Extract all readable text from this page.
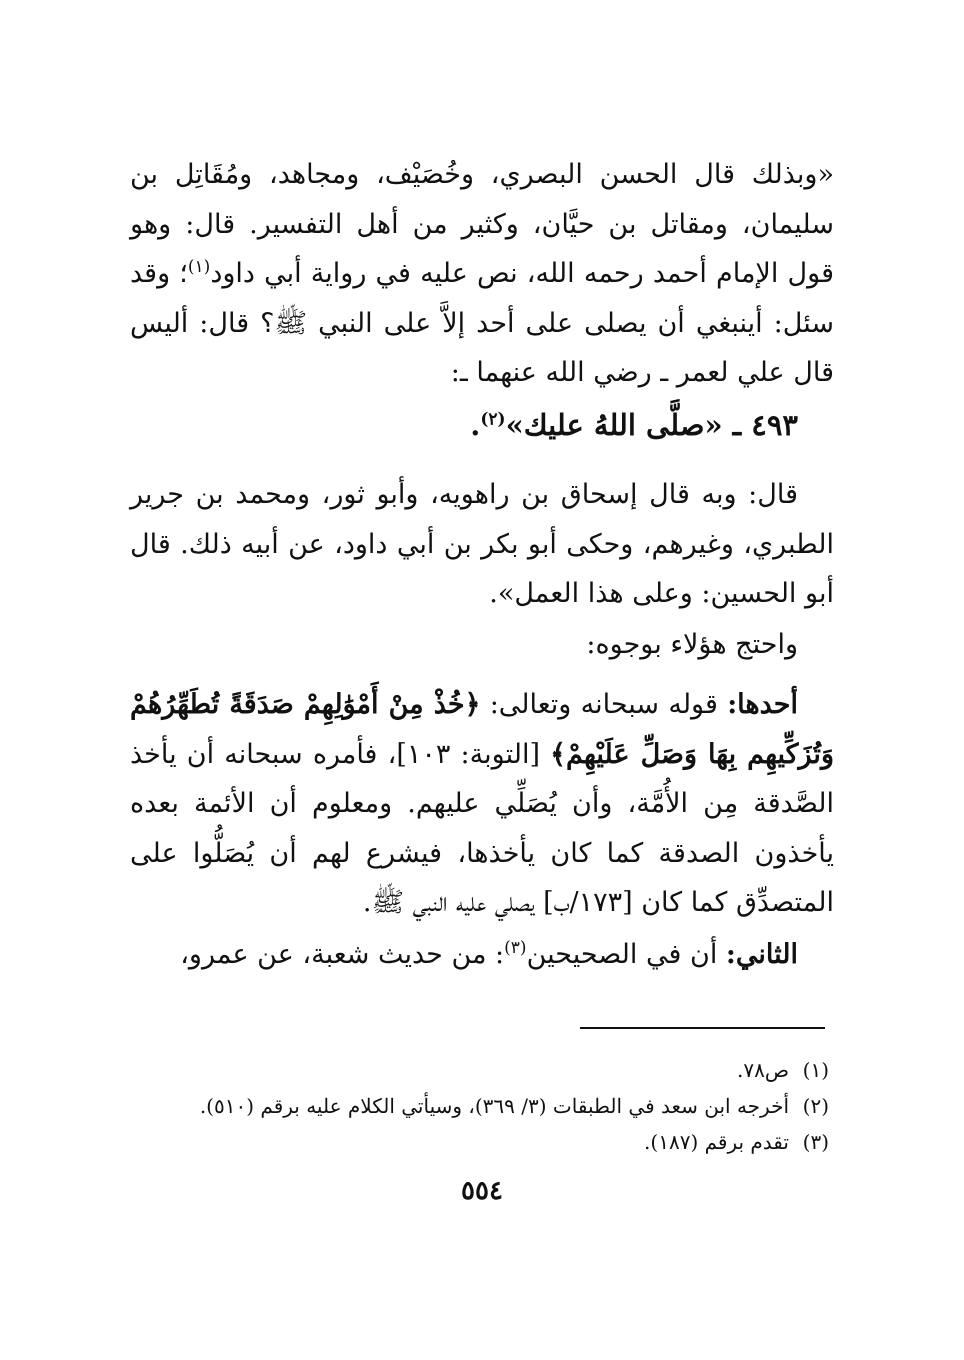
«وبذلك قال الحسن البصري، وخُصَيْف، ومجاهد، ومُقَاتِل بن سليمان، ومقاتل بن حيَّان، وكثير من أهل التفسير. قال: وهو قول الإمام أحمد رحمه الله، نص عليه في رواية أبي داود$^{(١)}$؛ وقد سئل: أينبغي أن يصلى على أحد إلاَّ على النبي ﷺ؟ قال: أليس قال علي لعمر ـ رضي الله عنهما ـ:

٤٩٣ ـ «صلَّى اللهُ عليك»$^{(٢)}$.

قال: وبه قال إسحاق بن راهويه، وأبو ثور، ومحمد بن جرير الطبري، وغيرهم، وحكى أبو بكر بن أبي داود، عن أبيه ذلك. قال أبو الحسين: وعلى هذا العمل».

واحتج هؤلاء بوجوه:

أحدها: قوله سبحانه وتعالى: ﴿خُذْ مِنْ أَمْوَٰلِهِمْ صَدَقَةً تُطَهِّرُهُمْ وَتُزَكِّيهِم بِهَا وَصَلِّ عَلَيْهِمْ﴾ [التوبة: ١٠٣]، فأمره سبحانه أن يأخذ الصَّدقة مِن الأُمَّة، وأن يُصَلِّي عليهم. ومعلوم أن الأئمة بعده يأخذون الصدقة كما كان يأخذها، فيشرع لهم أن يُصَلُّوا على المتصدِّق كما كان [١٧٣/ب] يصلي عليه النبي ﷺ.

الثاني: أن في الصحيحين$^{(٣)}$: من حديث شعبة، عن عمرو،

(١)ص٧٨.

(٢)أخرجه ابن سعد في الطبقات (٣/ ٣٦٩)، وسيأتي الكلام عليه برقم (٥١٠).

(٣)تقدم برقم (١٨٧).

٥٥٤
